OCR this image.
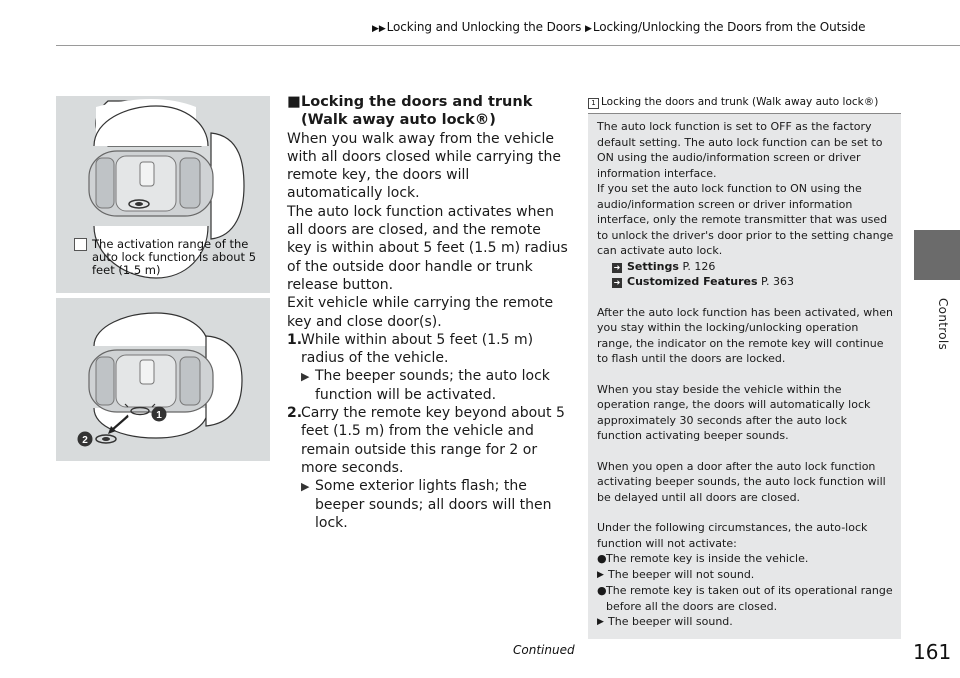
▶▶Locking and Unlocking the Doors ▶Locking/Unlocking the Doors from the Outside
Controls
The activation range of the auto lock function is about 5 feet (1.5 m)
1
2

■ Locking the doors and trunk (Walk away auto lock®)

When you walk away from the vehicle with all doors closed while carrying the remote key, the doors will automatically lock.

The auto lock function activates when all doors are closed, and the remote key is within about 5 feet (1.5 m) radius of the outside door handle or trunk release button.

Exit vehicle while carrying the remote key and close door(s).

1.
While within about 5 feet (1.5 m) radius of the vehicle.
▶ The beeper sounds; the auto lock function will be activated.
2.
Carry the remote key beyond about 5 feet (1.5 m) from the vehicle and remain outside this range for 2 or more seconds.
▶ Some exterior lights flash; the beeper sounds; all doors will then lock.
1 Locking the doors and trunk (Walk away auto lock®)

The auto lock function is set to OFF as the factory default setting. The auto lock function can be set to ON using the audio/information screen or driver information interface.

If you set the auto lock function to ON using the audio/information screen or driver information interface, only the remote transmitter that was used to unlock the driver's door prior to the setting change can activate auto lock.

➜ Settings P. 126
➜ Customized Features P. 363

After the auto lock function has been activated, when you stay within the locking/unlocking operation range, the indicator on the remote key will continue to flash until the doors are locked.

When you stay beside the vehicle within the operation range, the doors will automatically lock approximately 30 seconds after the auto lock function activating beeper sounds.

When you open a door after the auto lock function activating beeper sounds, the auto lock function will be delayed until all doors are closed.

Under the following circumstances, the auto-lock function will not activate:

● The remote key is inside the vehicle.
▶ The beeper will not sound.
● The remote key is taken out of its operational range before all the doors are closed.
▶ The beeper will sound.
Continued	161
